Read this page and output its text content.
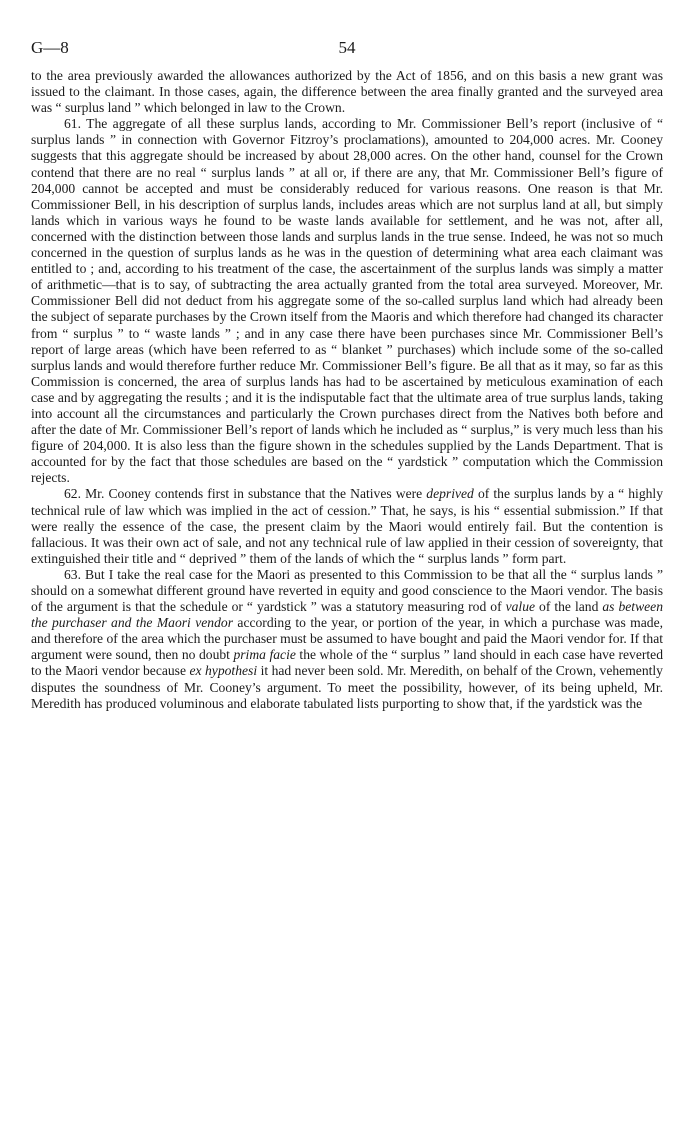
G—8	54

to the area previously awarded the allowances authorized by the Act of 1856, and on this basis a new grant was issued to the claimant. In those cases, again, the difference between the area finally granted and the surveyed area was “ surplus land ” which belonged in law to the Crown.

61. The aggregate of all these surplus lands, according to Mr. Commissioner Bell’s report (inclusive of “ surplus lands ” in connection with Governor Fitzroy’s proclamations), amounted to 204,000 acres. Mr. Cooney suggests that this aggregate should be increased by about 28,000 acres. On the other hand, counsel for the Crown contend that there are no real “ surplus lands ” at all or, if there are any, that Mr. Commissioner Bell’s figure of 204,000 cannot be accepted and must be considerably reduced for various reasons. One reason is that Mr. Commissioner Bell, in his description of surplus lands, includes areas which are not surplus land at all, but simply lands which in various ways he found to be waste lands available for settlement, and he was not, after all, concerned with the distinction between those lands and surplus lands in the true sense. Indeed, he was not so much concerned in the question of surplus lands as he was in the question of determining what area each claimant was entitled to ; and, according to his treatment of the case, the ascertainment of the surplus lands was simply a matter of arithmetic—that is to say, of subtracting the area actually granted from the total area surveyed. Moreover, Mr. Commissioner Bell did not deduct from his aggregate some of the so-called surplus land which had already been the subject of separate purchases by the Crown itself from the Maoris and which therefore had changed its character from “ surplus ” to “ waste lands ” ; and in any case there have been purchases since Mr. Commissioner Bell’s report of large areas (which have been referred to as “ blanket ” purchases) which include some of the so-called surplus lands and would therefore further reduce Mr. Commissioner Bell’s figure. Be all that as it may, so far as this Commission is concerned, the area of surplus lands has had to be ascertained by meticulous examination of each case and by aggregating the results ; and it is the indisputable fact that the ultimate area of true surplus lands, taking into account all the circumstances and particularly the Crown purchases direct from the Natives both before and after the date of Mr. Commissioner Bell’s report of lands which he included as “ surplus,” is very much less than his figure of 204,000. It is also less than the figure shown in the schedules supplied by the Lands Department. That is accounted for by the fact that those schedules are based on the “ yardstick ” computation which the Commission rejects.

62. Mr. Cooney contends first in substance that the Natives were deprived of the surplus lands by a “ highly technical rule of law which was implied in the act of cession.” That, he says, is his “ essential submission.” If that were really the essence of the case, the present claim by the Maori would entirely fail. But the contention is fallacious. It was their own act of sale, and not any technical rule of law applied in their cession of sovereignty, that extinguished their title and “ deprived ” them of the lands of which the “ surplus lands ” form part.

63. But I take the real case for the Maori as presented to this Commission to be that all the “ surplus lands ” should on a somewhat different ground have reverted in equity and good conscience to the Maori vendor. The basis of the argument is that the schedule or “ yardstick ” was a statutory measuring rod of value of the land as between the purchaser and the Maori vendor according to the year, or portion of the year, in which a purchase was made, and therefore of the area which the purchaser must be assumed to have bought and paid the Maori vendor for. If that argument were sound, then no doubt prima facie the whole of the “ surplus ” land should in each case have reverted to the Maori vendor because ex hypothesi it had never been sold. Mr. Meredith, on behalf of the Crown, vehemently disputes the soundness of Mr. Cooney’s argument. To meet the possibility, however, of its being upheld, Mr. Meredith has produced voluminous and elaborate tabulated lists purporting to show that, if the yardstick was the
